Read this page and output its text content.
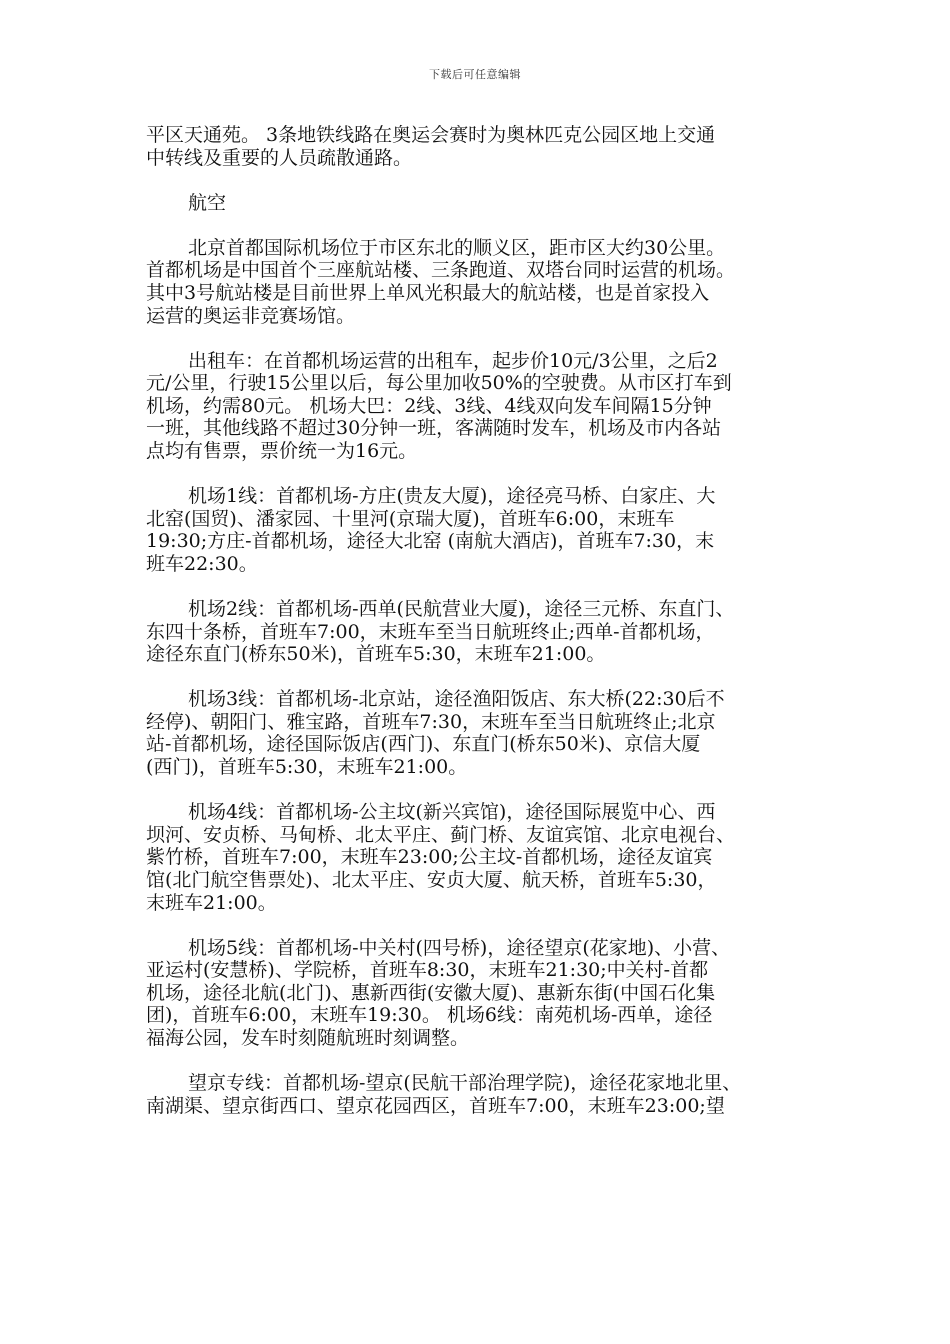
下载后可任意编辑
平区天通苑。 3条地铁线路在奥运会赛时为奥林匹克公园区地上交通
中转线及重要的人员疏散通路。
航空
北京首都国际机场位于市区东北的顺义区，距市区大约30公里。
首都机场是中国首个三座航站楼、三条跑道、双塔台同时运营的机场。
其中3号航站楼是目前世界上单风光积最大的航站楼，也是首家投入
运营的奥运非竞赛场馆。
出租车：在首都机场运营的出租车，起步价10元/3公里，之后2
元/公里，行驶15公里以后，每公里加收50%的空驶费。从市区打车到
机场，约需80元。 机场大巴：2线、3线、4线双向发车间隔15分钟
一班，其他线路不超过30分钟一班，客满随时发车，机场及市内各站
点均有售票，票价统一为16元。
机场1线：首都机场-方庄(贵友大厦)，途径亮马桥、白家庄、大
北窑(国贸)、潘家园、十里河(京瑞大厦)，首班车6:00，末班车
19:30;方庄-首都机场，途径大北窑 (南航大酒店)，首班车7:30，末
班车22:30。
机场2线：首都机场-西单(民航营业大厦)，途径三元桥、东直门、
东四十条桥，首班车7:00，末班车至当日航班终止;西单-首都机场，
途径东直门(桥东50米)，首班车5:30，末班车21:00。
机场3线：首都机场-北京站，途径渔阳饭店、东大桥(22:30后不
经停)、朝阳门、雅宝路，首班车7:30，末班车至当日航班终止;北京
站-首都机场，途径国际饭店(西门)、东直门(桥东50米)、京信大厦
(西门)，首班车5:30，末班车21:00。
机场4线：首都机场-公主坟(新兴宾馆)，途径国际展览中心、西
坝河、安贞桥、马甸桥、北太平庄、蓟门桥、友谊宾馆、北京电视台、
紫竹桥，首班车7:00，末班车23:00;公主坟-首都机场，途径友谊宾
馆(北门航空售票处)、北太平庄、安贞大厦、航天桥，首班车5:30，
末班车21:00。
机场5线：首都机场-中关村(四号桥)，途径望京(花家地)、小营、
亚运村(安慧桥)、学院桥，首班车8:30，末班车21:30;中关村-首都
机场，途径北航(北门)、惠新西街(安徽大厦)、惠新东街(中国石化集
团)，首班车6:00，末班车19:30。 机场6线：南苑机场-西单，途径
福海公园，发车时刻随航班时刻调整。
望京专线：首都机场-望京(民航干部治理学院)，途径花家地北里、
南湖渠、望京街西口、望京花园西区，首班车7:00，末班车23:00;望
